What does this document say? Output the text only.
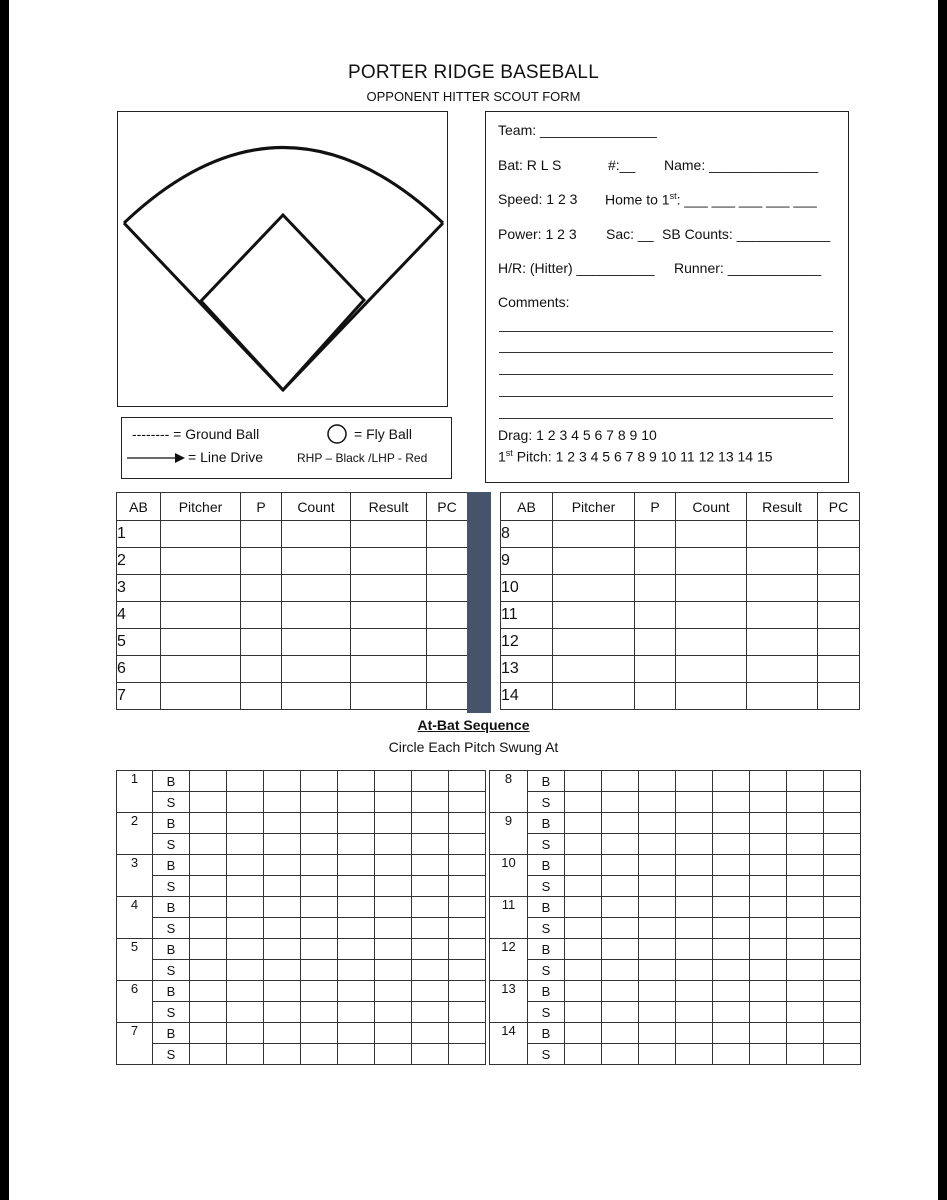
PORTER RIDGE BASEBALL
OPPONENT HITTER SCOUT FORM
-------- = Ground Ball	= Fly Ball
= Line Drive	RHP – Black /LHP - Red
Team: _______________
Bat: R L S	#:__ Name: ______________
Speed: 1 2 3 Home to 1st: ___ ___ ___ ___ ___
Power: 1 2 3 Sac: __ SB Counts: ____________
H/R: (Hitter) __________ Runner: ____________
Comments:
Drag: 1 2 3 4 5 6 7 8 9 10
1st Pitch: 1 2 3 4 5 6 7 8 9 10 11 12 13 14 15
AB	Pitcher	P	Count	Result	PC
1					
2					
3					
4					
5					
6					
7					
AB	Pitcher	P	Count	Result	PC
8					
9					
10					
11					
12					
13					
14					
At-Bat Sequence
Circle Each Pitch Swung At
1	B								
	S								
2	B								
	S								
3	B								
	S								
4	B								
	S								
5	B								
	S								
6	B								
	S								
7	B								
	S								
8	B								
	S								
9	B								
	S								
10	B								
	S								
11	B								
	S								
12	B								
	S								
13	B								
	S								
14	B								
	S								
